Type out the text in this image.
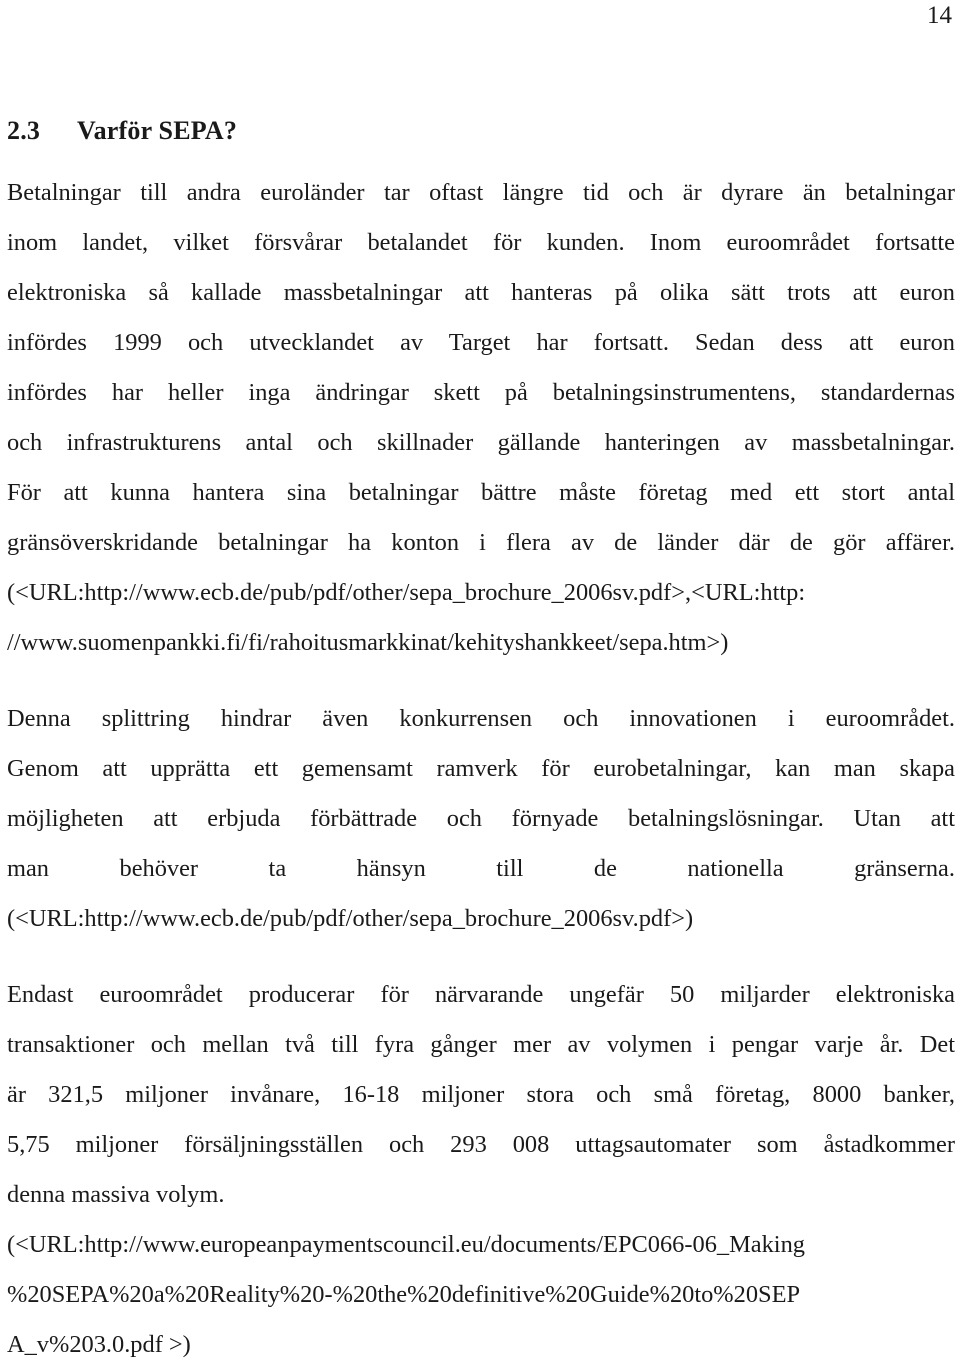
14
2.3 Varför SEPA?
Betalningar till andra euroländer tar oftast längre tid och är dyrare än betalningar
inom landet, vilket försvårar betalandet för kunden. Inom euroområdet fortsatte
elektroniska så kallade massbetalningar att hanteras på olika sätt trots att euron
infördes 1999 och utvecklandet av Target har fortsatt. Sedan dess att euron
infördes har heller inga ändringar skett på betalningsinstrumentens, standardernas
och infrastrukturens antal och skillnader gällande hanteringen av massbetalningar.
För att kunna hantera sina betalningar bättre måste företag med ett stort antal
gränsöverskridande betalningar ha konton i flera av de länder där de gör affärer.
(<URL:http://www.ecb.de/pub/pdf/other/sepa_brochure_2006sv.pdf>,<URL:http:
//www.suomenpankki.fi/fi/rahoitusmarkkinat/kehityshankkeet/sepa.htm>)
Denna splittring hindrar även konkurrensen och innovationen i euroområdet.
Genom att upprätta ett gemensamt ramverk för eurobetalningar, kan man skapa
möjligheten att erbjuda förbättrade och förnyade betalningslösningar. Utan att
man behöver ta hänsyn till de nationella gränserna.
(<URL:http://www.ecb.de/pub/pdf/other/sepa_brochure_2006sv.pdf>)
Endast euroområdet producerar för närvarande ungefär 50 miljarder elektroniska
transaktioner och mellan två till fyra gånger mer av volymen i pengar varje år. Det
är 321,5 miljoner invånare, 16-18 miljoner stora och små företag, 8000 banker,
5,75 miljoner försäljningsställen och 293 008 uttagsautomater som åstadkommer
denna massiva volym.
(<URL:http://www.europeanpaymentscouncil.eu/documents/EPC066-06_Making
%20SEPA%20a%20Reality%20-%20the%20definitive%20Guide%20to%20SEP
A_v%203.0.pdf >)
